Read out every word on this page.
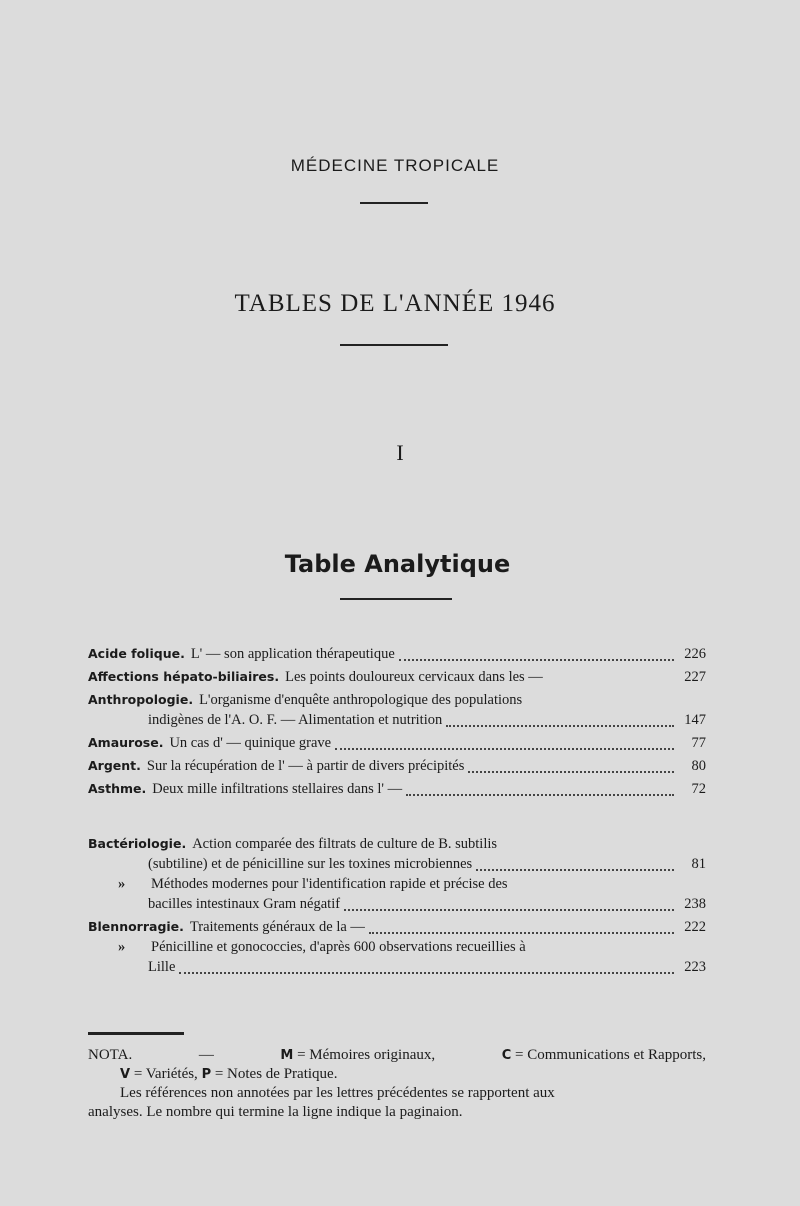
MÉDECINE TROPICALE
TABLES DE L'ANNÉE 1946
I
Table Analytique
Acide folique. L' — son application thérapeutique	226
Affections hépato-biliaires. Les points douloureux cervicaux dans les —	227
Anthropologie. L'organisme d'enquête anthropologique des populations
indigènes de l'A. O. F. — Alimentation et nutrition	147
Amaurose. Un cas d' — quinique grave	77
Argent. Sur la récupération de l' — à partir de divers précipités	80
Asthme. Deux mille infiltrations stellaires dans l' —	72
Bactériologie. Action comparée des filtrats de culture de B. subtilis
(subtiline) et de pénicilline sur les toxines microbiennes	81
»	Méthodes modernes pour l'identification rapide et précise des
bacilles intestinaux Gram négatif	238
Blennorragie. Traitements généraux de la —	222
»	Pénicilline et gonococcies, d'après 600 observations recueillies à
Lille	223
NOTA.	—	M = Mémoires originaux,	C = Communications et Rapports,
V = Variétés, P = Notes de Pratique.
Les références non annotées par les lettres précédentes se rapportent aux
analyses. Le nombre qui termine la ligne indique la paginaion.
